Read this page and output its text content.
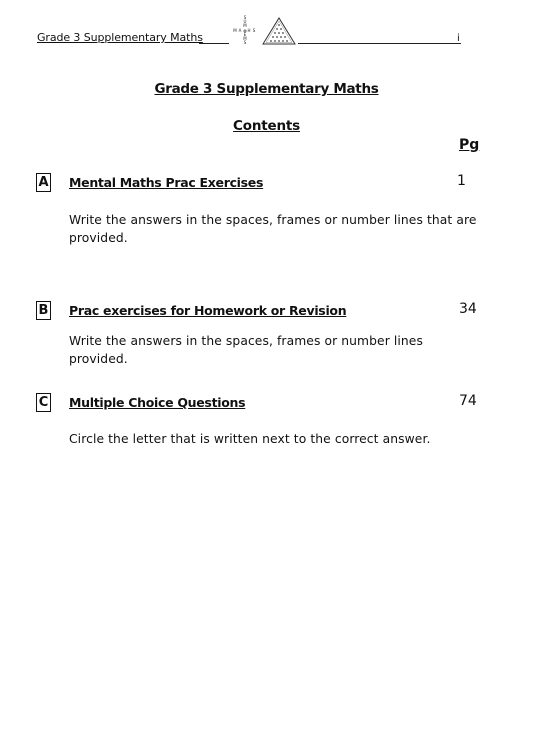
Grade 3 Supplementary Maths
M A H S
S
U
M
E
M
S	i
Grade 3 Supplementary Maths
Contents
Pg
A Mental Maths Prac Exercises	1
Write the answers in the spaces, frames or number lines that are provided.
B Prac exercises for Homework or Revision	34
Write the answers in the spaces, frames or number lines provided.
C Multiple Choice Questions	74
Circle the letter that is written next to the correct answer.
